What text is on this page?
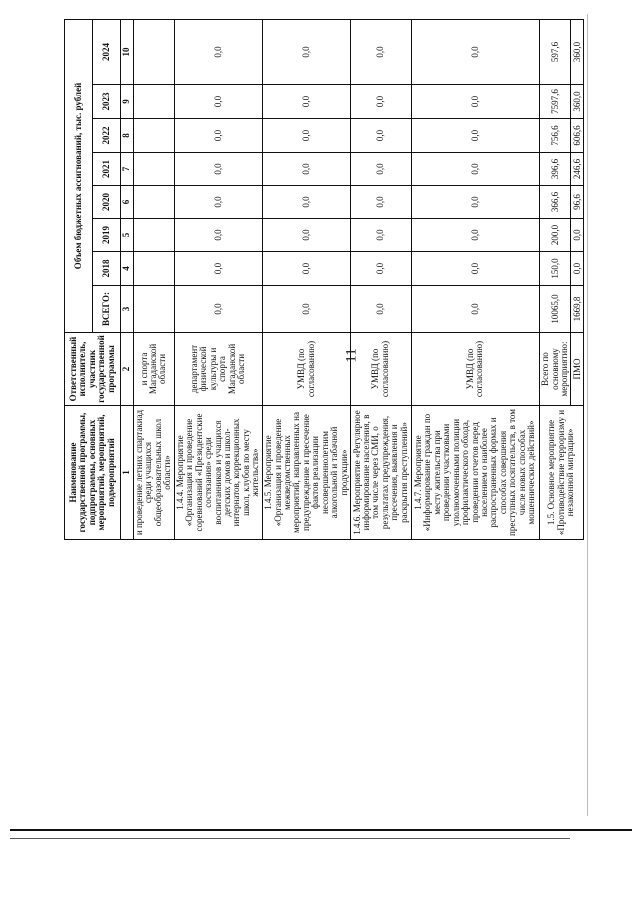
11
Наименование государственной программы, подпрограммы, основных мероприятий, мероприятий, подмероприятий	Ответственный исполнитель, участник государственной программы	Объем бюджетных ассигнований, тыс. рублей							
		ВСЕГО:	2018	2019	2020	2021	2022	2023	2024
1	2	3	4	5	6	7	8	9	10
и проведение летних спартакиад среди учащихся общеобразовательных школ области»	и спорта Магаданской области								
1.4.4. Мероприятие «Организация и проведение соревнований «Президентские состязания» среди воспитанников и учащихся детских домов и школ-интернатов, коррекционных школ, клубов по месту жительства»	департамент физической культуры и спорта Магаданской области	0,0	0,0	0,0	0,0	0,0	0,0	0,0	0,0
1.4.5. Мероприятие «Организация и проведение межведомственных мероприятий, направленных на предупреждение и пресечение фактов реализации несовершеннолетним алкогольной и табачной продукции»	УМВД (по согласованию)	0,0	0,0	0,0	0,0	0,0	0,0	0,0	0,0
1.4.6. Мероприятие «Регулярное информирование населения, в том числе через СМИ, о результатах предупреждения, пресечения, выявления и раскрытия преступлений»	УМВД (по согласованию)	0,0	0,0	0,0	0,0	0,0	0,0	0,0	0,0
1.4.7. Мероприятие «Информирование граждан по месту жительства при проведении участковыми уполномоченными полиции профилактического обхода, проведении отчетов перед населением о наиболее распространенных формах и способах совершения преступных посягательств, в том числе новых способах мошеннических действий»	УМВД (по согласованию)	0,0	0,0	0,0	0,0	0,0	0,0	0,0	0,0
1.5. Основное мероприятие «Противодействие терроризму и незаконной миграции»	Всего по основному мероприятию:	10065,0	150,0	200,0	366,6	396,6	756,6	7597,6	597,6
	ПМО	1669,8	0,0	0,0	96,6	246,6	606,6	360,0	360,0
